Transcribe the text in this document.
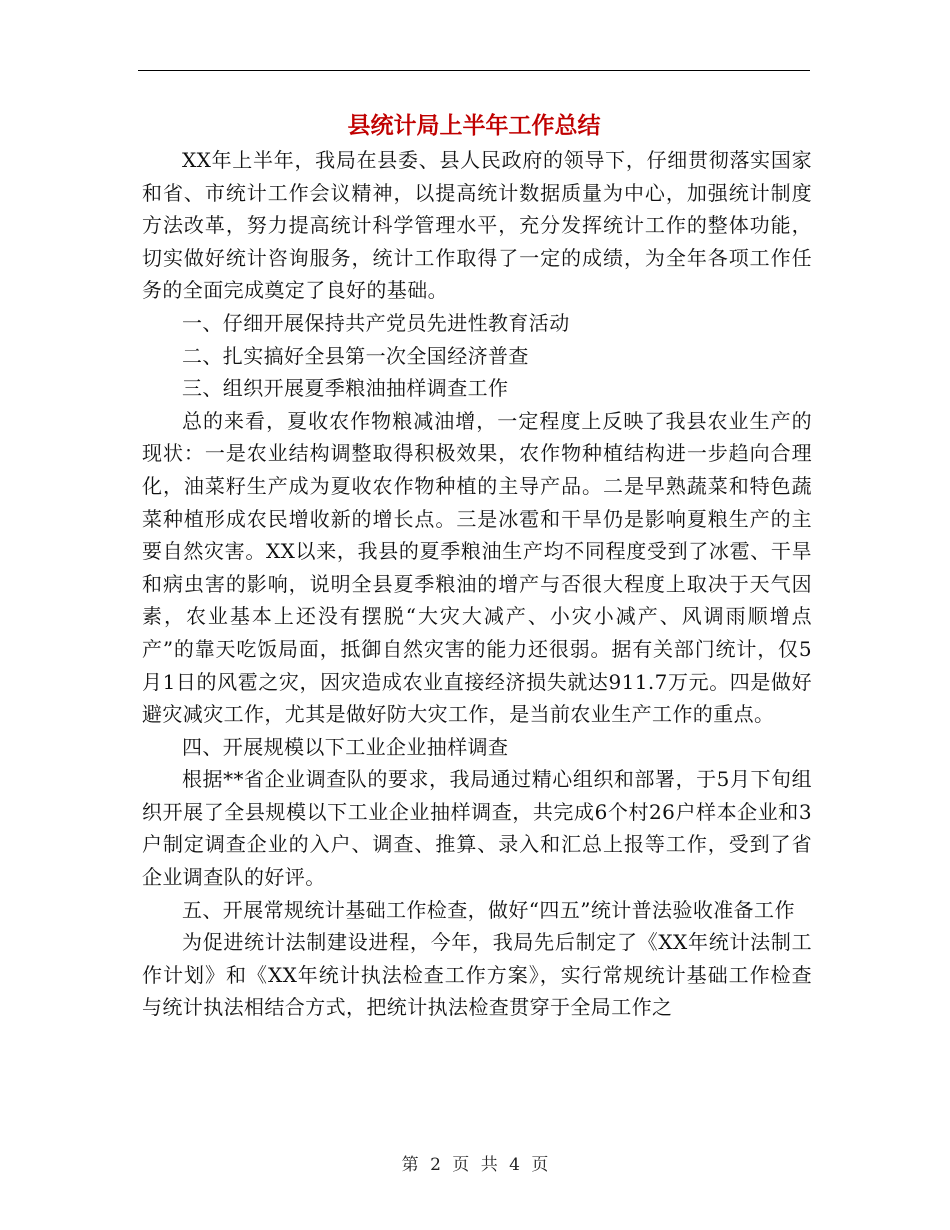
县统计局上半年工作总结

XX年上半年，我局在县委、县人民政府的领导下，仔细贯彻落实国家和省、市统计工作会议精神，以提高统计数据质量为中心，加强统计制度方法改革，努力提高统计科学管理水平，充分发挥统计工作的整体功能，切实做好统计咨询服务，统计工作取得了一定的成绩，为全年各项工作任务的全面完成奠定了良好的基础。

一、仔细开展保持共产党员先进性教育活动

二、扎实搞好全县第一次全国经济普查

三、组织开展夏季粮油抽样调查工作

总的来看，夏收农作物粮减油增，一定程度上反映了我县农业生产的现状：一是农业结构调整取得积极效果，农作物种植结构进一步趋向合理化，油菜籽生产成为夏收农作物种植的主导产品。二是早熟蔬菜和特色蔬菜种植形成农民增收新的增长点。三是冰雹和干旱仍是影响夏粮生产的主要自然灾害。XX以来，我县的夏季粮油生产均不同程度受到了冰雹、干旱和病虫害的影响，说明全县夏季粮油的增产与否很大程度上取决于天气因素，农业基本上还没有摆脱“大灾大减产、小灾小减产、风调雨顺增点产”的靠天吃饭局面，抵御自然灾害的能力还很弱。据有关部门统计，仅5月1日的风雹之灾，因灾造成农业直接经济损失就达911.7万元。四是做好避灾减灾工作，尤其是做好防大灾工作，是当前农业生产工作的重点。

四、开展规模以下工业企业抽样调查

根据**省企业调查队的要求，我局通过精心组织和部署，于5月下旬组织开展了全县规模以下工业企业抽样调查，共完成6个村26户样本企业和3户制定调查企业的入户、调查、推算、录入和汇总上报等工作，受到了省企业调查队的好评。

五、开展常规统计基础工作检查，做好“四五”统计普法验收准备工作

为促进统计法制建设进程，今年，我局先后制定了《XX年统计法制工作计划》和《XX年统计执法检查工作方案》，实行常规统计基础工作检查与统计执法相结合方式，把统计执法检查贯穿于全局工作之

第 2 页 共 4 页
